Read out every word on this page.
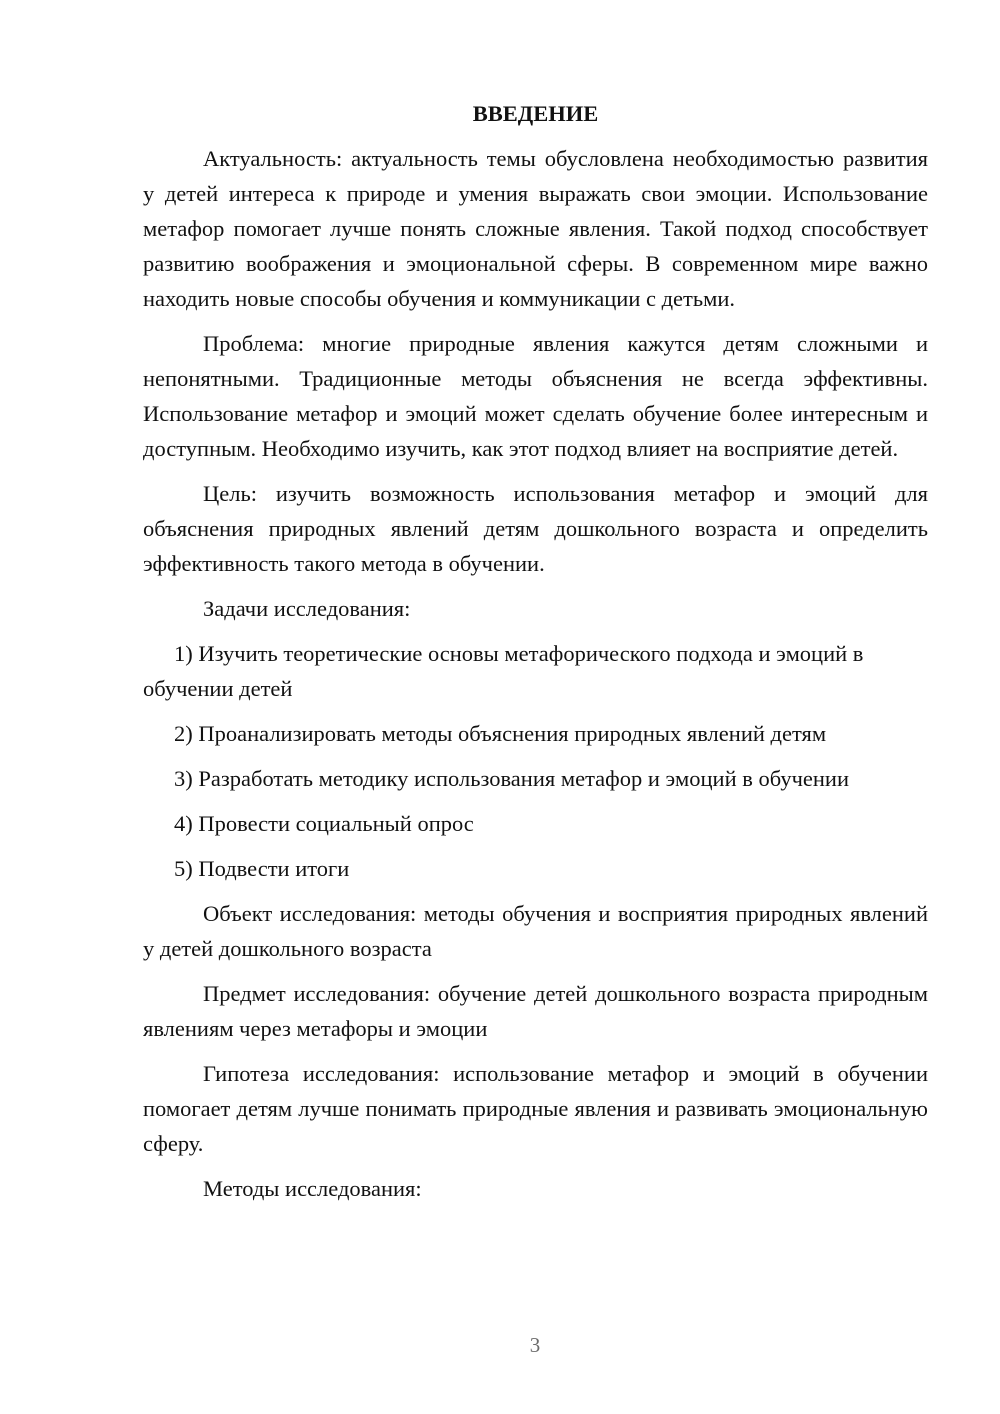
ВВЕДЕНИЕ

Актуальность: актуальность темы обусловлена необходимостью развития у детей интереса к природе и умения выражать свои эмоции. Использование метафор помогает лучше понять сложные явления. Такой подход способствует развитию воображения и эмоциональной сферы. В современном мире важно находить новые способы обучения и коммуникации с детьми.

Проблема: многие природные явления кажутся детям сложными и непонятными. Традиционные методы объяснения не всегда эффективны. Использование метафор и эмоций может сделать обучение более интересным и доступным. Необходимо изучить, как этот подход влияет на восприятие детей.

Цель: изучить возможность использования метафор и эмоций для объяснения природных явлений детям дошкольного возраста и определить эффективность такого метода в обучении.

Задачи исследования:

1) Изучить теоретические основы метафорического подхода и эмоций в обучении детей
2) Проанализировать методы объяснения природных явлений детям
3) Разработать методику использования метафор и эмоций в обучении
4) Провести социальный опрос
5) Подвести итоги

Объект исследования: методы обучения и восприятия природных явлений у детей дошкольного возраста

Предмет исследования: обучение детей дошкольного возраста природным явлениям через метафоры и эмоции

Гипотеза исследования: использование метафор и эмоций в обучении помогает детям лучше понимать природные явления и развивать эмоциональную сферу.

Методы исследования:

3
